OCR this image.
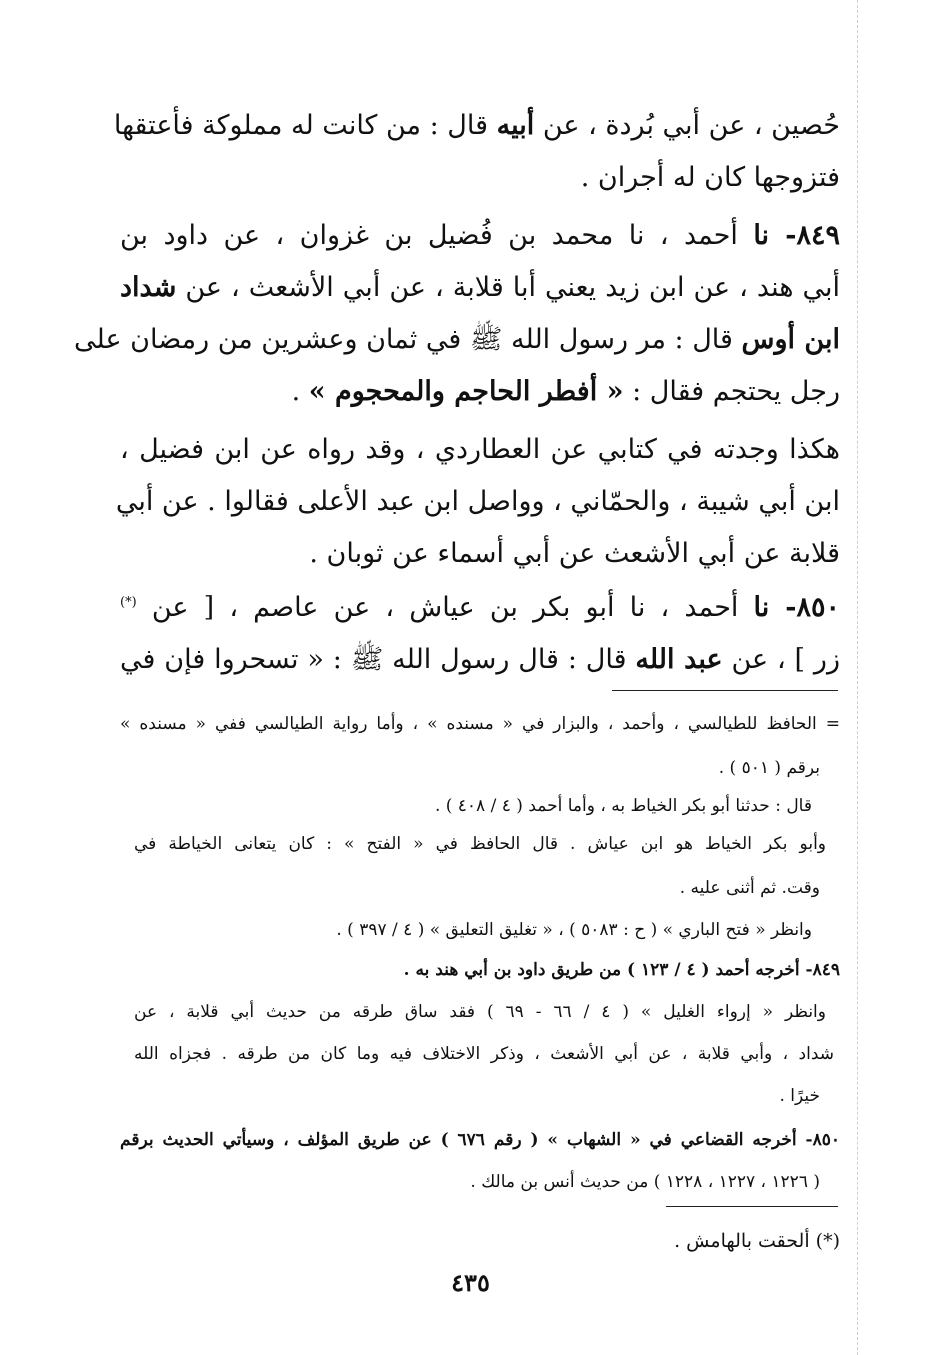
حُصين ، عن أبي بُردة ، عن أبيه قال : من كانت له مملوكة فأعتقها
فتزوجها كان له أجران .
٨٤٩- نا أحمد ، نا محمد بن فُضيل بن غزوان ، عن داود بن
أبي هند ، عن ابن زيد يعني أبا قلابة ، عن أبي الأشعث ، عن شداد
ابن أوس قال : مر رسول الله ﷺ في ثمان وعشرين من رمضان على
رجل يحتجم فقال : « أفطر الحاجم والمحجوم » .
هكذا وجدته في كتابي عن العطاردي ، وقد رواه عن ابن فضيل ،
ابن أبي شيبة ، والحمّاني ، وواصل ابن عبد الأعلى فقالوا . عن أبي
قلابة عن أبي الأشعث عن أبي أسماء عن ثوبان .
٨٥٠- نا أحمد ، نا أبو بكر بن عياش ، عن عاصم ، [ عن (*)
زر ] ، عن عبد الله قال : قال رسول الله ﷺ : « تسحروا فإن في
= الحافظ للطيالسي ، وأحمد ، والبزار في « مسنده » ، وأما رواية الطيالسي ففي « مسنده »
برقم ( ٥٠١ ) .
قال : حدثنا أبو بكر الخياط به ، وأما أحمد ( ٤ / ٤٠٨ ) .
وأبو بكر الخياط هو ابن عياش . قال الحافظ في « الفتح » : كان يتعانى الخياطة في
وقت. ثم أثنى عليه .
وانظر « فتح الباري » ( ح : ٥٠٨٣ ) ، « تغليق التعليق » ( ٤ / ٣٩٧ ) .
٨٤٩- أخرجه أحمد ( ٤ / ١٢٣ ) من طريق داود بن أبي هند به .
وانظر « إرواء الغليل » ( ٤ / ٦٦ - ٦٩ ) فقد ساق طرقه من حديث أبي قلابة ، عن
شداد ، وأبي قلابة ، عن أبي الأشعث ، وذكر الاختلاف فيه وما كان من طرقه . فجزاه الله
خيرًا .
٨٥٠- أخرجه القضاعي في « الشهاب » ( رقم ٦٧٦ ) عن طريق المؤلف ، وسيأتي الحديث برقم
( ١٢٢٦ ، ١٢٢٧ ، ١٢٢٨ ) من حديث أنس بن مالك .
(*) ألحقت بالهامش .
٤٣٥
